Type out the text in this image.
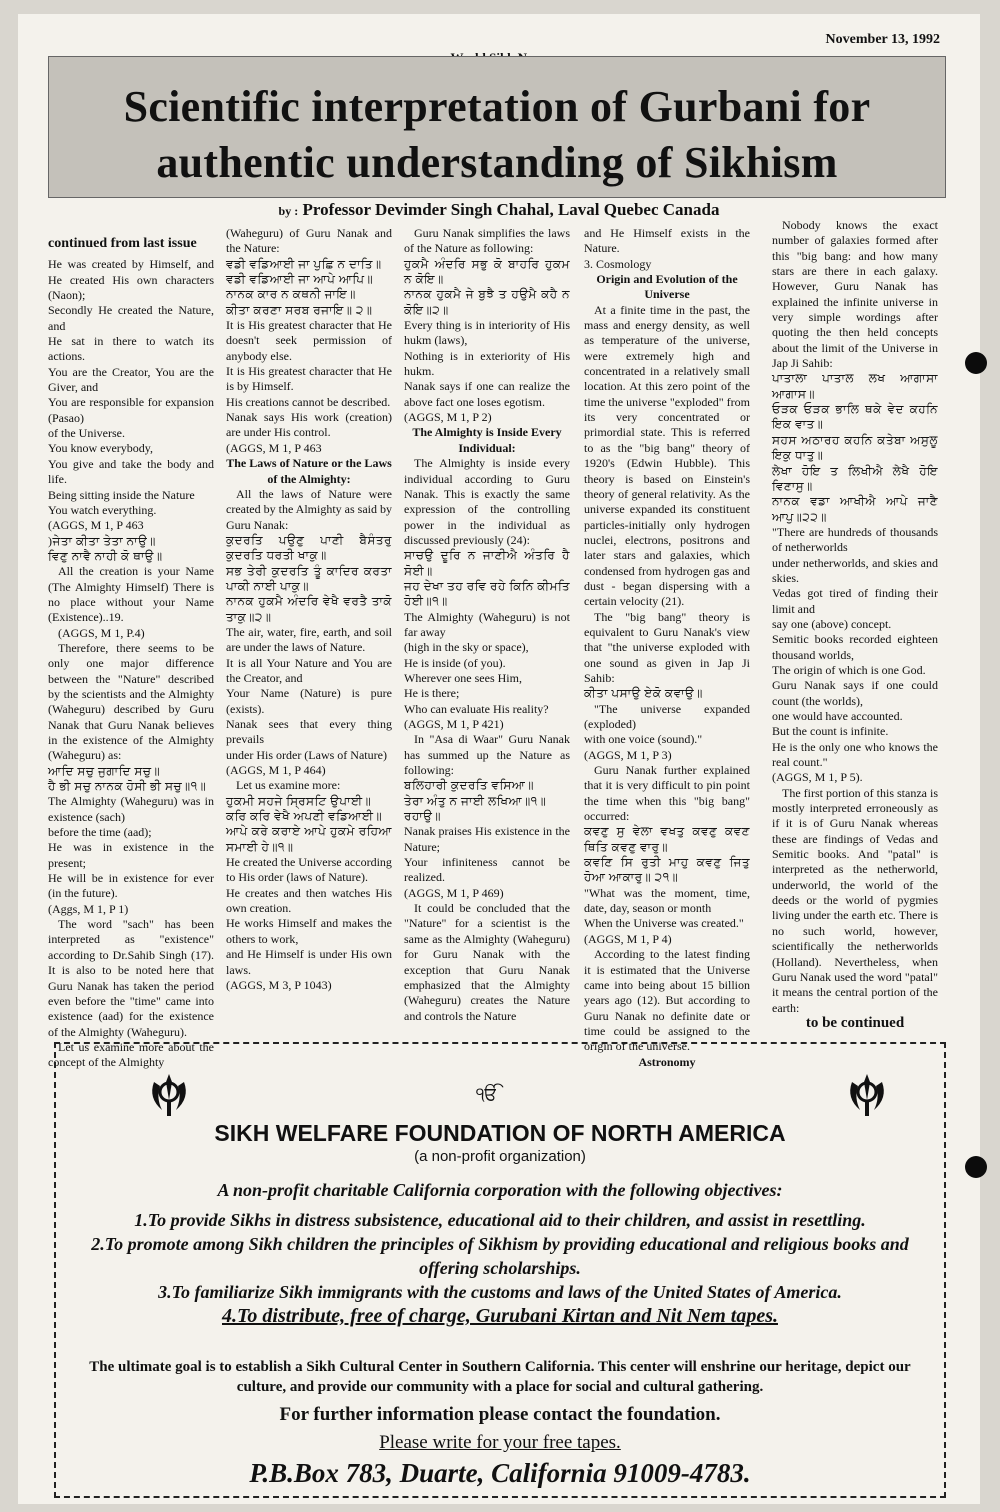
November 13, 1992
Scientific interpretation of Gurbani for
authentic understanding of Sikhism
by : Professor Devimder Singh Chahal, Laval Quebec Canada

continued from last issue

He was created by Himself, and He created His own characters (Naon);

Secondly He created the Nature, and

He sat in there to watch its actions.

You are the Creator, You are the Giver, and

You are responsible for expansion (Pasao)

of the Universe.

You know everybody,

You give and take the body and life.

Being sitting inside the Nature

You watch everything.

(AGGS, M 1, P 463

)ਜੇਤਾ ਕੀਤਾ ਤੇਤਾ ਨਾਉ॥

ਵਿਣੁ ਨਾਵੈ ਨਾਹੀ ਕੋ ਥਾਉ॥

All the creation is your Name (The Almighty Himself) There is no place without your Name (Existence)..19.

(AGGS, M 1, P.4)

Therefore, there seems to be only one major difference between the "Nature" described by the scientists and the Almighty (Waheguru) described by Guru Nanak that Guru Nanak believes in the existence of the Almighty (Waheguru) as:

ਆਦਿ ਸਚੁ ਜੁਗਾਦਿ ਸਚੁ॥

ਹੈ ਭੀ ਸਚੁ ਨਾਨਕ ਹੋਸੀ ਭੀ ਸਚੁ॥੧॥

The Almighty (Waheguru) was in existence (sach)

before the time (aad);

He was in existence in the present;

He will be in existence for ever (in the future).

(Aggs, M 1, P 1)

The word "sach" has been interpreted as "existence" according to Dr.Sahib Singh (17). It is also to be noted here that Guru Nanak has taken the period even before the "time" came into existence (aad) for the existence of the Almighty (Waheguru).

Let us examine more about the concept of the Almighty

(Waheguru) of Guru Nanak and the Nature:

ਵਡੀ ਵਡਿਆਈ ਜਾ ਪੁਛਿ ਨ ਦਾਤਿ॥

ਵਡੀ ਵਡਿਆਈ ਜਾ ਆਪੇ ਆਪਿ॥

ਨਾਨਕ ਕਾਰ ਨ ਕਥਨੀ ਜਾਇ॥

ਕੀਤਾ ਕਰਣਾ ਸਰਬ ਰਜਾਇ॥ ੨॥

It is His greatest character that He doesn't seek permission of anybody else.

It is His greatest character that He is by Himself.

His creations cannot be described.

Nanak says His work (creation) are under His control.

(AGGS, M 1, P 463

The Laws of Nature or the Laws of the Almighty:

All the laws of Nature were created by the Almighty as said by Guru Nanak:

ਕੁਦਰਤਿ ਪਉਣੁ ਪਾਣੀ ਬੈਸੰਤਰੁ ਕੁਦਰਤਿ ਧਰਤੀ ਖਾਕੁ॥

ਸਭ ਤੇਰੀ ਕੁਦਰਤਿ ਤੂੰ ਕਾਦਿਰ ਕਰਤਾ ਪਾਕੀ ਨਾਈ ਪਾਕੁ॥

ਨਾਨਕ ਹੁਕਮੈ ਅੰਦਰਿ ਵੇਖੈ ਵਰਤੈ ਤਾਕੋ ਤਾਕੁ॥੨॥

The air, water, fire, earth, and soil are under the laws of Nature.

It is all Your Nature and You are the Creator, and

Your Name (Nature) is pure (exists).

Nanak sees that every thing prevails

under His order (Laws of Nature)

(AGGS, M 1, P 464)

Let us examine more:

ਹੁਕਮੀ ਸਹਜੇ ਸ੍ਰਿਸਟਿ ਉਪਾਈ॥

ਕਰਿ ਕਰਿ ਵੇਖੈ ਅਪਣੀ ਵਡਿਆਈ॥

ਆਪੇ ਕਰੇ ਕਰਾਏ ਆਪੇ ਹੁਕਮੇ ਰਹਿਆ ਸਮਾਈ ਹੇ॥੧॥

He created the Universe according

to His order (laws of Nature).

He creates and then watches His own creation.

He works Himself and makes the others to work,

and He Himself is under His own laws.

(AGGS, M 3, P 1043)

Guru Nanak simplifies the laws of the Nature as following:

ਹੁਕਮੈ ਅੰਦਰਿ ਸਭੁ ਕੋ ਬਾਹਰਿ ਹੁਕਮ ਨ ਕੋਇ॥

ਨਾਨਕ ਹੁਕਮੈ ਜੇ ਬੁਝੈ ਤ ਹਉਮੈ ਕਹੈ ਨ ਕੋਇ॥੨॥

Every thing is in interiority of His hukm (laws),

Nothing is in exteriority of His hukm.

Nanak says if one can realize the above fact one loses egotism.

(AGGS, M 1, P 2)

The Almighty is Inside Every Individual:

The Almighty is inside every individual according to Guru Nanak. This is exactly the same expression of the controlling power in the individual as discussed previously (24):

ਸਾਚਉ ਦੂਰਿ ਨ ਜਾਣੀਐ ਅੰਤਰਿ ਹੈ ਸੋਈ॥

ਜਹ ਦੇਖਾ ਤਹ ਰਵਿ ਰਹੇ ਕਿਨਿ ਕੀਮਤਿ ਹੋਈ॥੧॥

The Almighty (Waheguru) is not far away

(high in the sky or space),

He is inside (of you).

Wherever one sees Him,

He is there;

Who can evaluate His reality?

(AGGS, M 1, P 421)

In "Asa di Waar" Guru Nanak has summed up the Nature as following:

ਬਲਿਹਾਰੀ ਕੁਦਰਤਿ ਵਸਿਆ॥

ਤੇਰਾ ਅੰਤੁ ਨ ਜਾਈ ਲਖਿਆ॥੧॥

ਰਹਾਉ॥

Nanak praises His existence in the Nature;

Your infiniteness cannot be realized.

(AGGS, M 1, P 469)

It could be concluded that the "Nature" for a scientist is the same as the Almighty (Waheguru) for Guru Nanak with the exception that Guru Nanak emphasized that the Almighty (Waheguru) creates the Nature and controls the Nature

and He Himself exists in the Nature.

3. Cosmology

Origin and Evolution of the Universe

At a finite time in the past, the mass and energy density, as well as temperature of the universe, were extremely high and concentrated in a relatively small location. At this zero point of the time the universe "exploded" from its very concentrated or primordial state. This is referred to as the "big bang" theory of 1920's (Edwin Hubble). This theory is based on Einstein's theory of general relativity. As the universe expanded its constituent particles-initially only hydrogen nuclei, electrons, positrons and later stars and galaxies, which condensed from hydrogen gas and dust - began dispersing with a certain velocity (21).

The "big bang" theory is equivalent to Guru Nanak's view that "the universe exploded with one sound as given in Jap Ji Sahib:

ਕੀਤਾ ਪਸਾਉ ਏਕੋ ਕਵਾਉ॥

"The universe expanded (exploded)

with one voice (sound)."

(AGGS, M 1, P 3)

Guru Nanak further explained that it is very difficult to pin point the time when this "big bang" occurred:

ਕਵਣੁ ਸੁ ਵੇਲਾ ਵਖਤੁ ਕਵਣੁ ਕਵਣ ਥਿਤਿ ਕਵਣੁ ਵਾਰੁ॥

ਕਵਣਿ ਸਿ ਰੁਤੀ ਮਾਹੁ ਕਵਣੁ ਜਿਤੁ ਹੋਆ ਆਕਾਰੁ॥ ੨੧॥

"What was the moment, time, date, day, season or month

When the Universe was created."

(AGGS, M 1, P 4)

According to the latest finding it is estimated that the Universe came into being about 15 billion years ago (12). But according to Guru Nanak no definite date or time could be assigned to the origin of the universe.

Astronomy

Nobody knows the exact number of galaxies formed after this "big bang: and how many stars are there in each galaxy. However, Guru Nanak has explained the infinite universe in very simple wordings after quoting the then held concepts about the limit of the Universe in Jap Ji Sahib:

ਪਾਤਾਲਾ ਪਾਤਾਲ ਲਖ ਆਗਾਸਾ ਆਗਾਸ॥

ਓੜਕ ਓੜਕ ਭਾਲਿ ਥਕੇ ਵੇਦ ਕਹਨਿ ਇਕ ਵਾਤ॥

ਸਹਸ ਅਠਾਰਹ ਕਹਨਿ ਕਤੇਬਾ ਅਸੁਲੂ ਇਕੁ ਧਾਤੁ॥

ਲੇਖਾ ਹੋਇ ਤ ਲਿਖੀਐ ਲੇਖੈ ਹੋਇ ਵਿਣਾਸੁ॥

ਨਾਨਕ ਵਡਾ ਆਖੀਐ ਆਪੇ ਜਾਣੈ ਆਪੁ॥੨੨॥

"There are hundreds of thousands of netherworlds

under netherworlds, and skies and skies.

Vedas got tired of finding their limit and

say one (above) concept.

Semitic books recorded eighteen thousand worlds,

The origin of which is one God.

Guru Nanak says if one could count (the worlds),

one would have accounted.

But the count is infinite.

He is the only one who knows the real count."

(AGGS, M 1, P 5).

The first portion of this stanza is mostly interpreted erroneously as if it is of Guru Nanak whereas these are findings of Vedas and Semitic books. And "patal" is interpreted as the netherworld, underworld, the world of the deeds or the world of pygmies living under the earth etc. There is no such world, however, scientifically the netherworlds (Holland). Nevertheless, when Guru Nanak used the word "patal" it means the central portion of the earth:

to be continued

ੴ
SIKH WELFARE FOUNDATION OF NORTH AMERICA
(a non-profit organization)
A non-profit charitable California corporation with the following objectives:

1.To provide Sikhs in distress subsistence, educational aid to their children, and assist in resettling.

2.To promote among Sikh children the principles of Sikhism by providing educational and religious books and offering scholarships.

3.To familiarize Sikh immigrants with the customs and laws of the United States of America.

4.To distribute, free of charge, Gurubani Kirtan and Nit Nem tapes.

The ultimate goal is to establish a Sikh Cultural Center in Southern California. This center will enshrine our heritage, depict our culture, and provide our community with a place for social and cultural gathering.
For further information please contact the foundation.
Please write for your free tapes.
P.B.Box 783, Duarte, California 91009-4783.
